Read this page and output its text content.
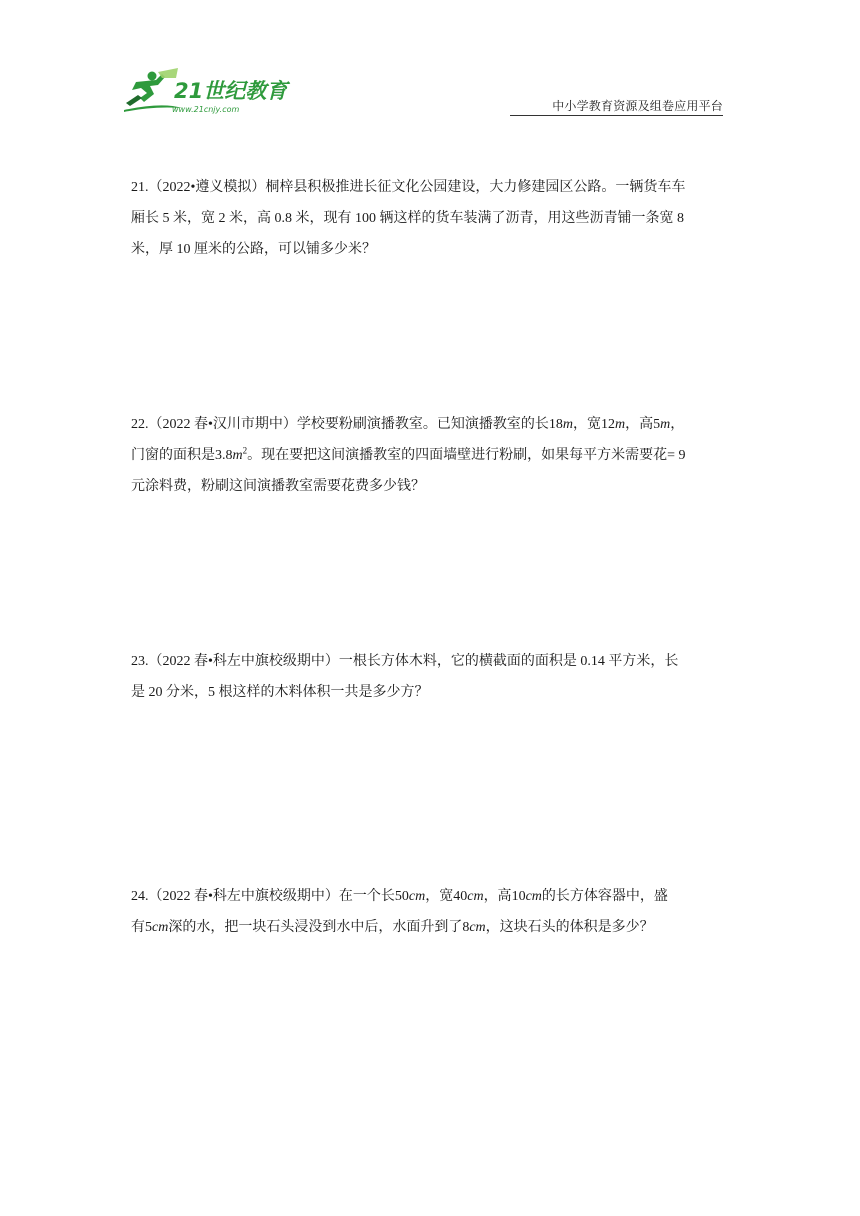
21世纪教育
www.21cnjy.com	中小学教育资源及组卷应用平台
21.（2022•遵义模拟）桐梓县积极推进长征文化公园建设，大力修建园区公路。一辆货车车
厢长 5 米，宽 2 米，高 0.8 米，现有 100 辆这样的货车装满了沥青，用这些沥青铺一条宽 8
米，厚 10 厘米的公路，可以铺多少米？
22.（2022 春•汉川市期中）学校要粉刷演播教室。已知演播教室的长18m，宽12m，高5m，
门窗的面积是$3.8m^2$。现在要把这间演播教室的四面墙壁进行粉刷，如果每平方米需要花= 9
元涂料费，粉刷这间演播教室需要花费多少钱？
23.（2022 春•科左中旗校级期中）一根长方体木料，它的横截面的面积是 0.14 平方米，长
是 20 分米，5 根这样的木料体积一共是多少方？
24.（2022 春•科左中旗校级期中）在一个长50cm，宽40cm，高10cm的长方体容器中，盛
有5cm深的水，把一块石头浸没到水中后，水面升到了8cm，这块石头的体积是多少？
